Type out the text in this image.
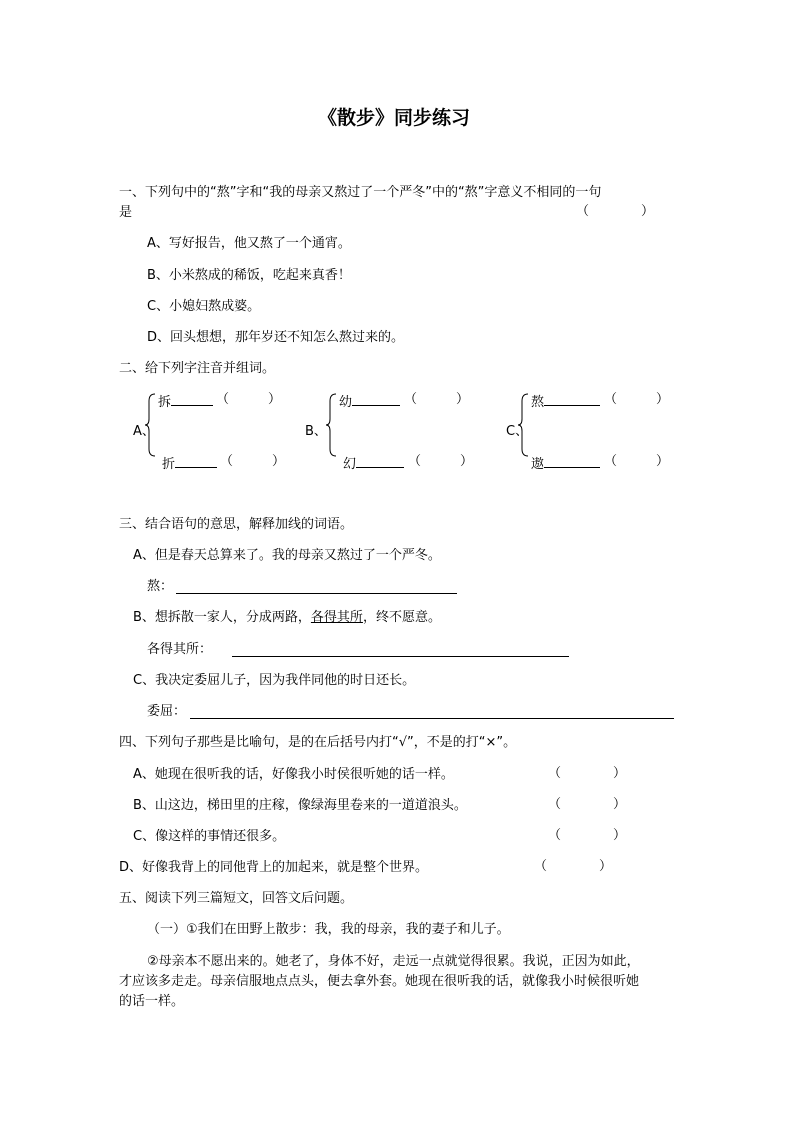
《散步》同步练习
一、下列句中的“熬”字和“我的母亲又熬过了一个严冬”中的“熬”字意义不相同的一句
是	（　　　　）
A、写好报告，他又熬了一个通宵。
B、小米熬成的稀饭，吃起来真香！
C、小媳妇熬成婆。
D、回头想想，那年岁还不知怎么熬过来的。
二、给下列字注音并组词。
A、
拆	（　　　）
折	（　　　）
B、
幼	（　　　）
幻	（　　　）
C、
熬	（　　　）
遨	（　　　）
三、结合语句的意思，解释加线的词语。
A、但是春天总算来了。我的母亲又熬过了一个严冬。
熬：
B、想拆散一家人，分成两路，各得其所，终不愿意。
各得其所：
C、我决定委屈儿子，因为我伴同他的时日还长。
委屈：
四、下列句子那些是比喻句，是的在后括号内打“√”，不是的打“×”。
A、她现在很听我的话，好像我小时侯很听她的话一样。	（　　　　）
B、山这边，梯田里的庄稼，像绿海里卷来的一道道浪头。	（　　　　）
C、像这样的事情还很多。	（　　　　）
D、好像我背上的同他背上的加起来，就是整个世界。	（　　　　）
五、阅读下列三篇短文，回答文后问题。
（一）①我们在田野上散步：我，我的母亲，我的妻子和儿子。
②母亲本不愿出来的。她老了，身体不好，走远一点就觉得很累。我说，正因为如此，
才应该多走走。母亲信服地点点头，便去拿外套。她现在很听我的话，就像我小时候很听她
的话一样。
